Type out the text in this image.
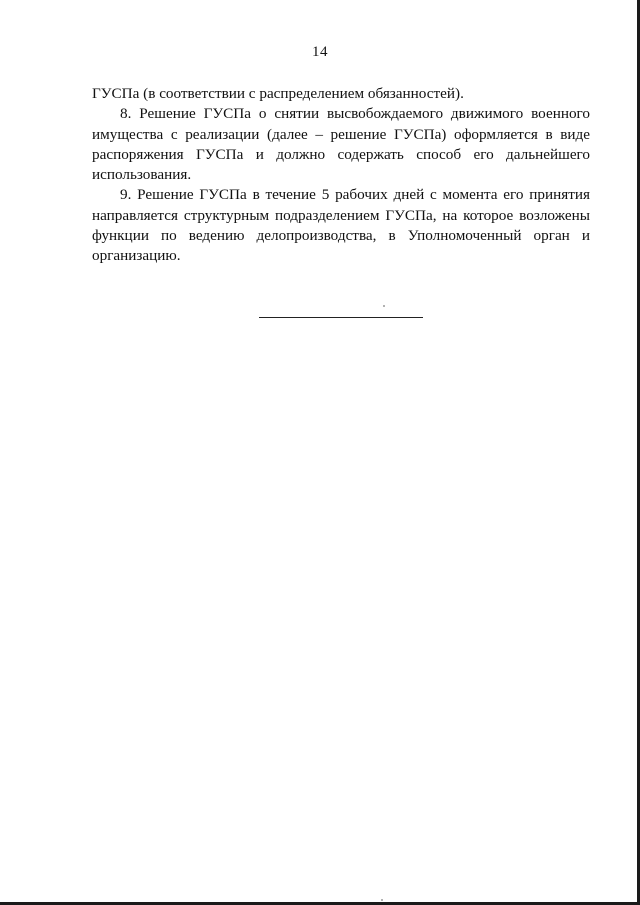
14

ГУСПа (в соответствии с распределением обязанностей).

8. Решение ГУСПа о снятии высвобождаемого движимого военного имущества с реализации (далее – решение ГУСПа) оформляется в виде распоряжения ГУСПа и должно содержать способ его дальнейшего использования.

9. Решение ГУСПа в течение 5 рабочих дней с момента его принятия направляется структурным подразделением ГУСПа, на которое возложены функции по ведению делопроизводства, в Уполномоченный орган и организацию.
